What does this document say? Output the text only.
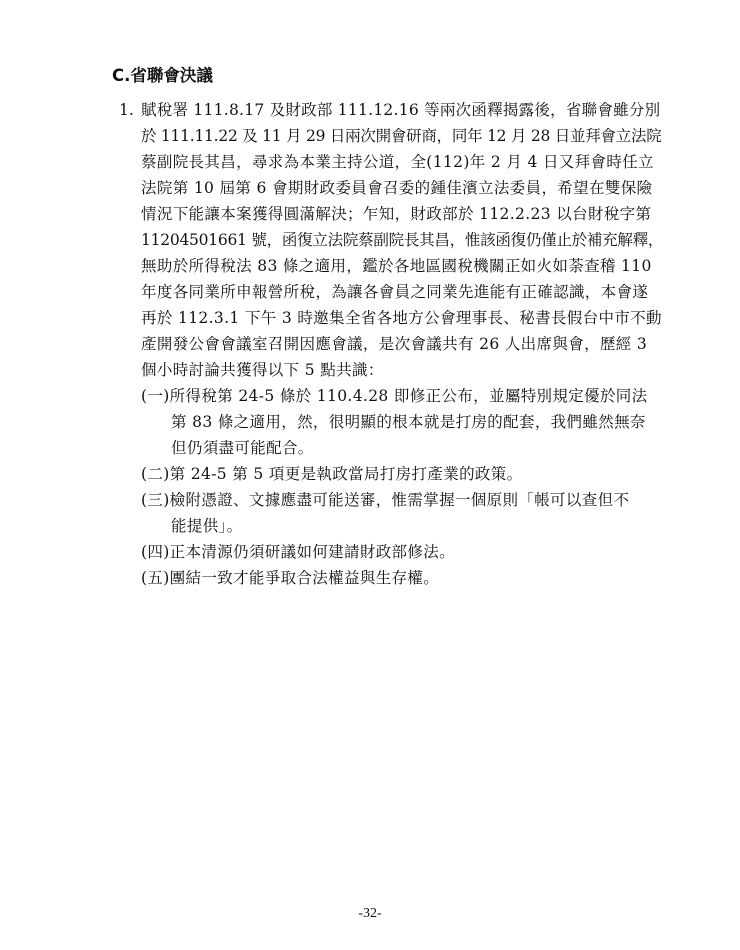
C.省聯會決議
1. 賦稅署 111.8.17 及財政部 111.12.16 等兩次函釋揭露後，省聯會雖分別
於 111.11.22 及 11 月 29 日兩次開會研商，同年 12 月 28 日並拜會立法院
蔡副院長其昌，尋求為本業主持公道，全(112)年 2 月 4 日又拜會時任立
法院第 10 屆第 6 會期財政委員會召委的鍾佳濱立法委員，希望在雙保險
情況下能讓本案獲得圓滿解決；乍知，財政部於 112.2.23 以台財稅字第
11204501661 號，函復立法院蔡副院長其昌，惟該函復仍僅止於補充解釋，
無助於所得稅法 83 條之適用，鑑於各地區國稅機關正如火如荼查稽 110
年度各同業所申報營所稅，為讓各會員之同業先進能有正確認識，本會遂
再於 112.3.1 下午 3 時邀集全省各地方公會理事長、秘書長假台中市不動
產開發公會會議室召開因應會議，是次會議共有 26 人出席與會，歷經 3
個小時討論共獲得以下 5 點共識：
(一)所得稅第 24-5 條於 110.4.28 即修正公布，並屬特別規定優於同法
第 83 條之適用，然，很明顯的根本就是打房的配套，我們雖然無奈
但仍須盡可能配合。
(二)第 24-5 第 5 項更是執政當局打房打產業的政策。
(三)檢附憑證、文據應盡可能送審，惟需掌握一個原則「帳可以查但不
能提供」。
(四)正本清源仍須研議如何建請財政部修法。
(五)團結一致才能爭取合法權益與生存權。
-32-
